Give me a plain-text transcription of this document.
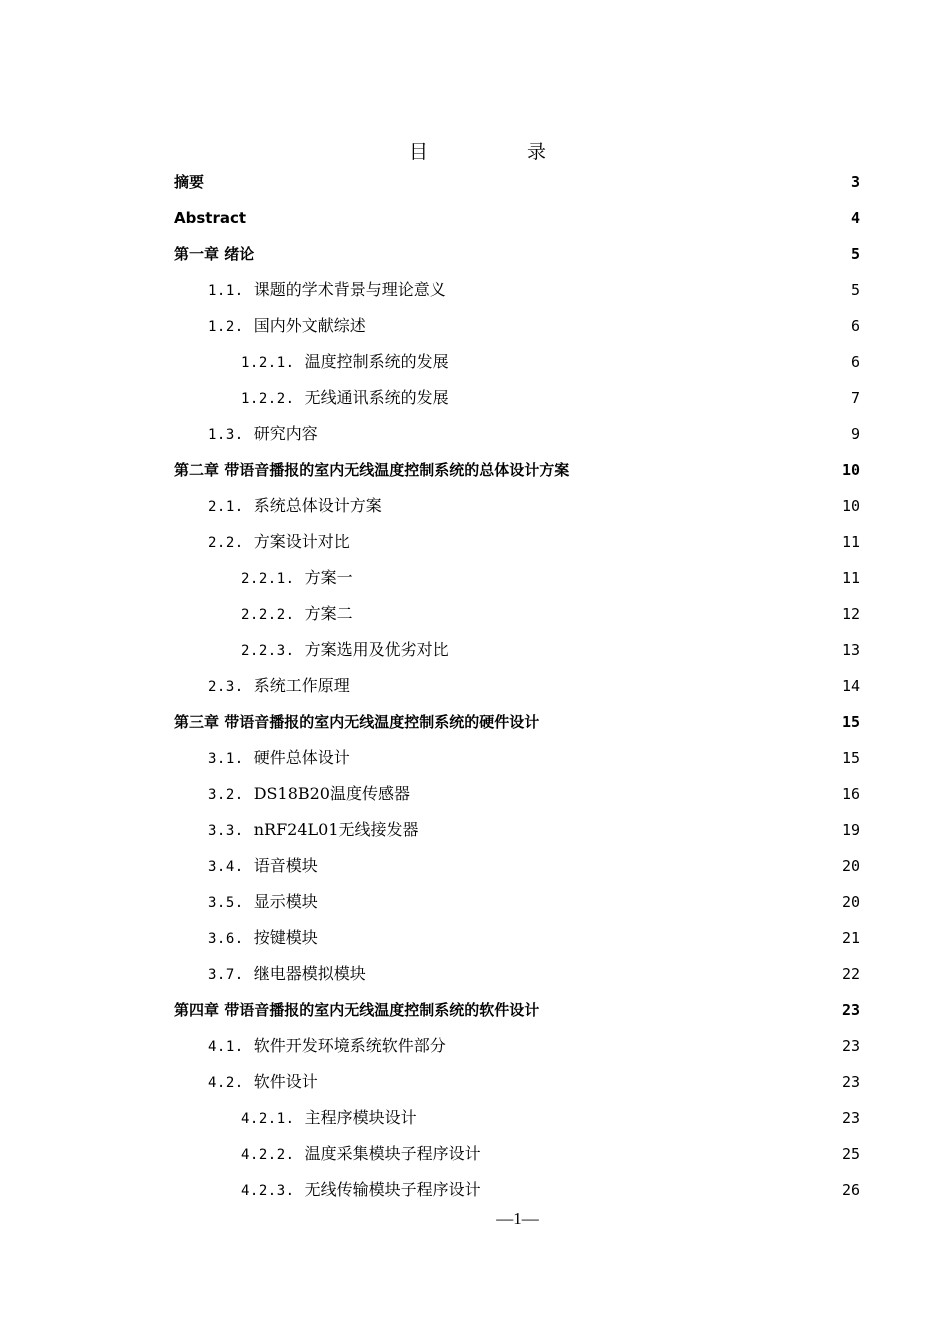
目　录
摘要	3
Abstract	4
第一章 绪论	5
1.1. 课题的学术背景与理论意义	5
1.2. 国内外文献综述	6
1.2.1. 温度控制系统的发展	6
1.2.2. 无线通讯系统的发展	7
1.3. 研究内容	9
第二章 带语音播报的室内无线温度控制系统的总体设计方案	10
2.1. 系统总体设计方案	10
2.2. 方案设计对比	11
2.2.1. 方案一	11
2.2.2. 方案二	12
2.2.3. 方案选用及优劣对比	13
2.3. 系统工作原理	14
第三章 带语音播报的室内无线温度控制系统的硬件设计	15
3.1. 硬件总体设计	15
3.2. DS18B20温度传感器	16
3.3. nRF24L01无线接发器	19
3.4. 语音模块	20
3.5. 显示模块	20
3.6. 按键模块	21
3.7. 继电器模拟模块	22
第四章 带语音播报的室内无线温度控制系统的软件设计	23
4.1. 软件开发环境系统软件部分	23
4.2. 软件设计	23
4.2.1. 主程序模块设计	23
4.2.2. 温度采集模块子程序设计	25
4.2.3. 无线传输模块子程序设计	26
—1—
